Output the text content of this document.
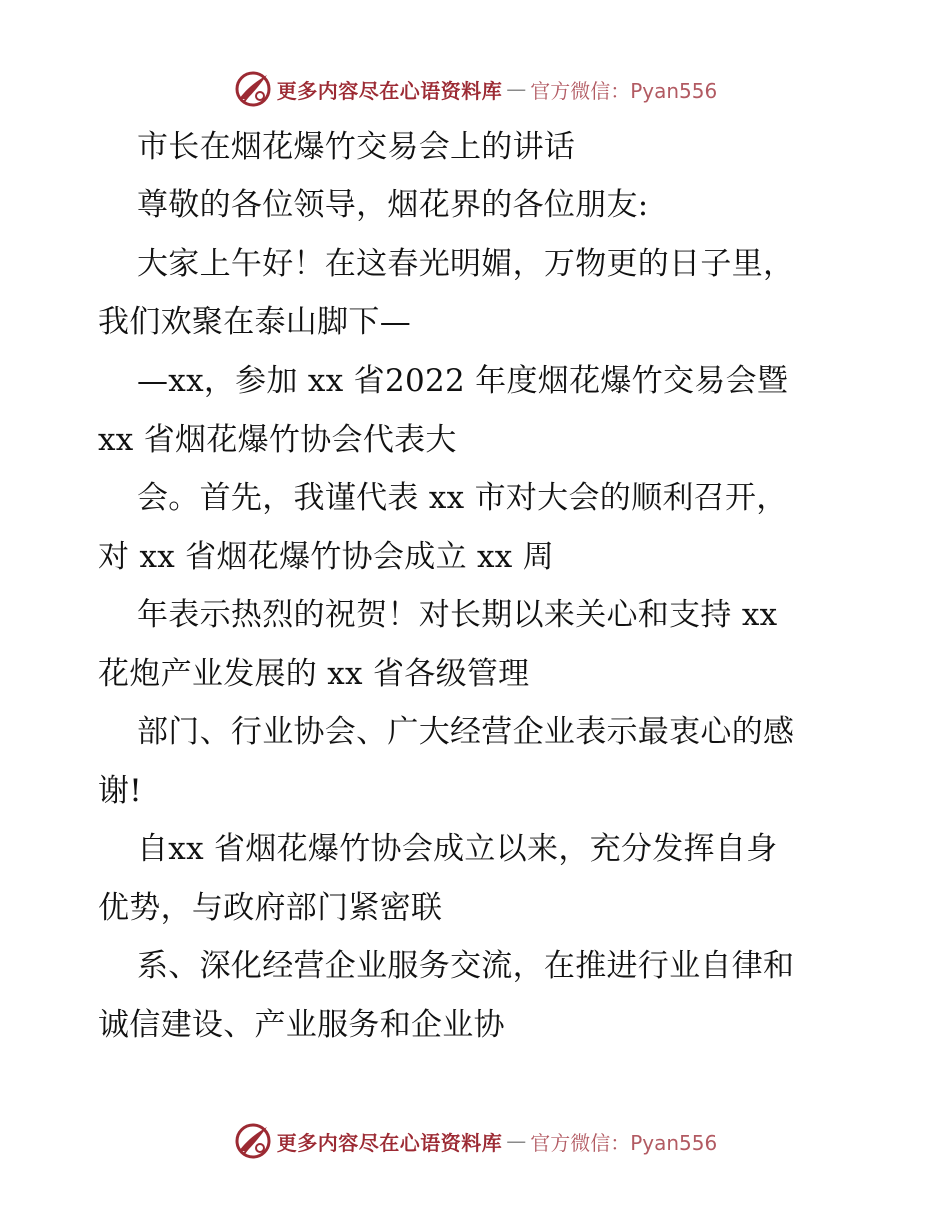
更多内容尽在心语资料库 — 官方微信：Pyan556
市长在烟花爆竹交易会上的讲话
尊敬的各位领导，烟花界的各位朋友:
大家上午好！在这春光明媚，万物更的日子里，
我们欢聚在泰山脚下—
—xx，参加 xx 省2022 年度烟花爆竹交易会暨
xx 省烟花爆竹协会代表大
会。首先，我谨代表 xx 市对大会的顺利召开，
对 xx 省烟花爆竹协会成立 xx 周
年表示热烈的祝贺！对长期以来关心和支持 xx
花炮产业发展的 xx 省各级管理
部门、行业协会、广大经营企业表示最衷心的感
谢!
自xx 省烟花爆竹协会成立以来，充分发挥自身
优势，与政府部门紧密联
系、深化经营企业服务交流，在推进行业自律和
诚信建设、产业服务和企业协
更多内容尽在心语资料库 — 官方微信：Pyan556
